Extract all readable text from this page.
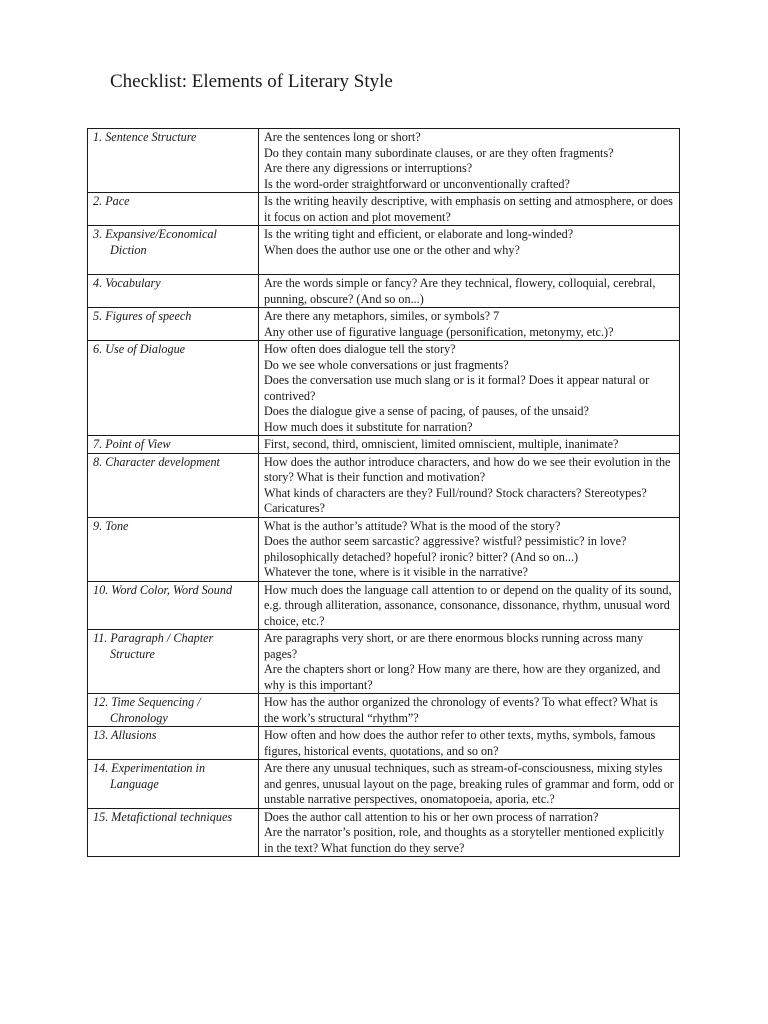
Checklist: Elements of Literary Style
1. Sentence Structure	Are the sentences long or short?
Do they contain many subordinate clauses, or are they often fragments?
Are there any digressions or interruptions?
Is the word-order straightforward or unconventionally crafted?

2. Pace	Is the writing heavily descriptive, with emphasis on setting and atmosphere, or does it focus on action and plot movement?

3. Expansive/Economical Diction	Is the writing tight and efficient, or elaborate and long-winded?
When does the author use one or the other and why?

4. Vocabulary	Are the words simple or fancy? Are they technical, flowery, colloquial, cerebral, punning, obscure? (And so on...)

5. Figures of speech	Are there any metaphors, similes, or symbols? 7
Any other use of figurative language (personification, metonymy, etc.)?

6. Use of Dialogue	How often does dialogue tell the story?
Do we see whole conversations or just fragments?
Does the conversation use much slang or is it formal? Does it appear natural or contrived?
Does the dialogue give a sense of pacing, of pauses, of the unsaid?
How much does it substitute for narration?

7. Point of View	First, second, third, omniscient, limited omniscient, multiple, inanimate?

8. Character development	How does the author introduce characters, and how do we see their evolution in the story? What is their function and motivation?
What kinds of characters are they? Full/round? Stock characters? Stereotypes? Caricatures?

9. Tone	What is the author’s attitude? What is the mood of the story?
Does the author seem sarcastic? aggressive? wistful? pessimistic? in love? philosophically detached? hopeful? ironic? bitter? (And so on...)
Whatever the tone, where is it visible in the narrative?

10. Word Color, Word Sound	How much does the language call attention to or depend on the quality of its sound, e.g. through alliteration, assonance, consonance, dissonance, rhythm, unusual word choice, etc.?

11. Paragraph / Chapter Structure	Are paragraphs very short, or are there enormous blocks running across many pages?
Are the chapters short or long? How many are there, how are they organized, and why is this important?

12. Time Sequencing / Chronology	How has the author organized the chronology of events? To what effect? What is the work’s structural “rhythm”?

13. Allusions	How often and how does the author refer to other texts, myths, symbols, famous figures, historical events, quotations, and so on?

14. Experimentation in Language	Are there any unusual techniques, such as stream-of-consciousness, mixing styles and genres, unusual layout on the page, breaking rules of grammar and form, odd or unstable narrative perspectives, onomatopoeia, aporia, etc.?

15. Metafictional techniques	Does the author call attention to his or her own process of narration?
Are the narrator’s position, role, and thoughts as a storyteller mentioned explicitly in the text? What function do they serve?
